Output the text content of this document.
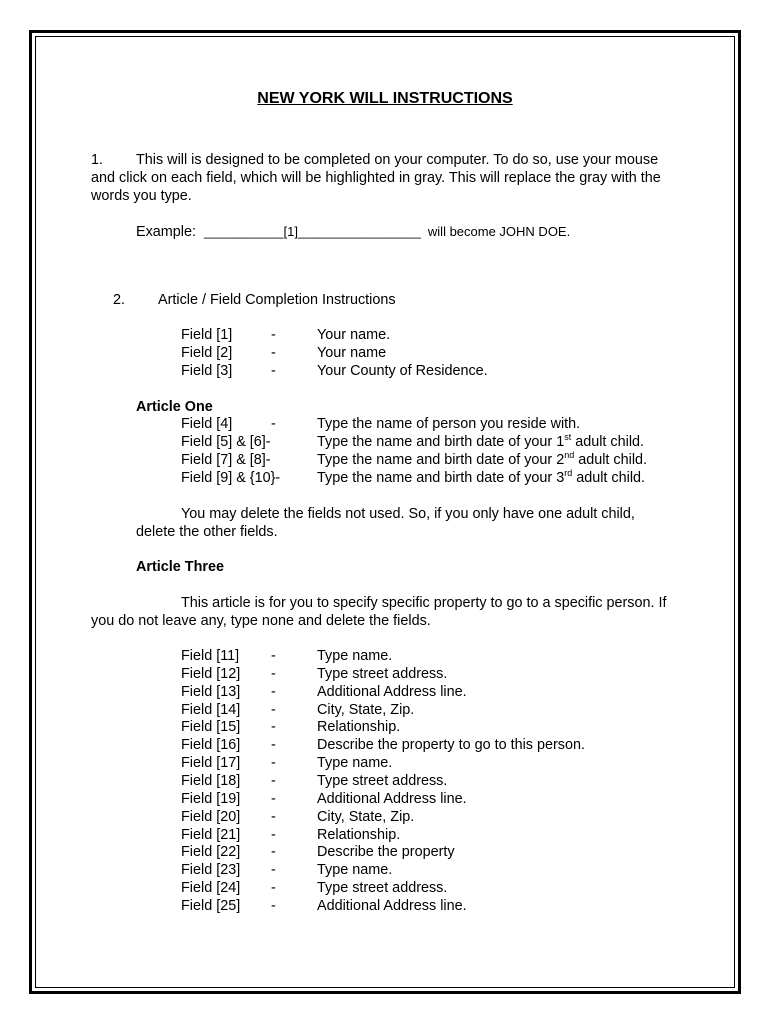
NEW YORK WILL INSTRUCTIONS
1.	This will is designed to be completed on your computer. To do so, use your mouse and click on each field, which will be highlighted in gray. This will replace the gray with the words you type.
Example: ___________[1]_________________ will become JOHN DOE.
2. Article / Field Completion Instructions
Field [1]	-	Your name.
Field [2]	-	Your name
Field [3]	-	Your County of Residence.
Article One
Field [4]	-	Type the name of person you reside with.
Field [5] & [6]-	Type the name and birth date of your 1st adult child.
Field [7] & [8]-	Type the name and birth date of your 2nd adult child.
Field [9] & {10}-	Type the name and birth date of your 3rd adult child.
You may delete the fields not used. So, if you only have one adult child, delete the other fields.
Article Three
This article is for you to specify specific property to go to a specific person. If you do not leave any, type none and delete the fields.
Field [11] -	Type name.
Field [12] -	Type street address.
Field [13] -	Additional Address line.
Field [14] -	City, State, Zip.
Field [15] -	Relationship.
Field [16] -	Describe the property to go to this person.
Field [17] -	Type name.
Field [18] -	Type street address.
Field [19] -	Additional Address line.
Field [20] -	City, State, Zip.
Field [21] -	Relationship.
Field [22] -	Describe the property
Field [23] -	Type name.
Field [24] -	Type street address.
Field [25] -	Additional Address line.
